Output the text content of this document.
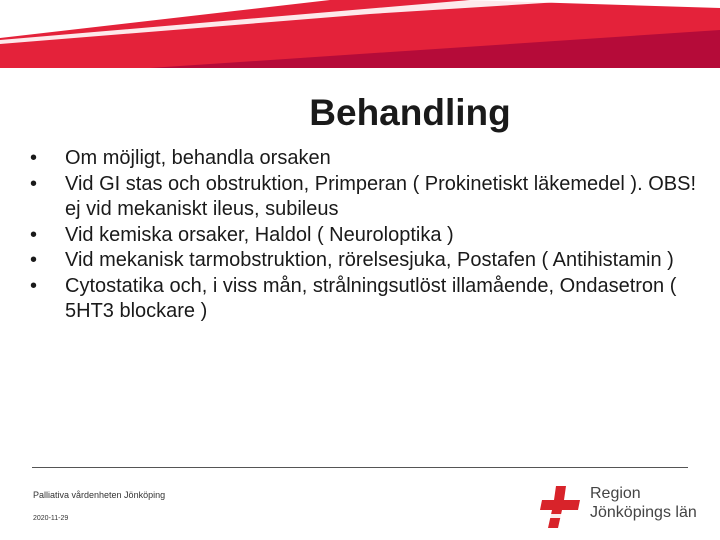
Behandling
• Om möjligt, behandla orsaken
• Vid GI stas och obstruktion, Primperan ( Prokinetiskt läkemedel ). OBS! ej vid mekaniskt ileus, subileus
• Vid kemiska orsaker, Haldol ( Neuroloptika )
• Vid mekanisk tarmobstruktion, rörelsesjuka, Postafen ( Antihistamin )
• Cytostatika och, i viss mån, strålningsutlöst illamående, Ondasetron ( 5HT3 blockare )
Palliativa vårdenheten Jönköping
2020-11-29
Region
Jönköpings län
